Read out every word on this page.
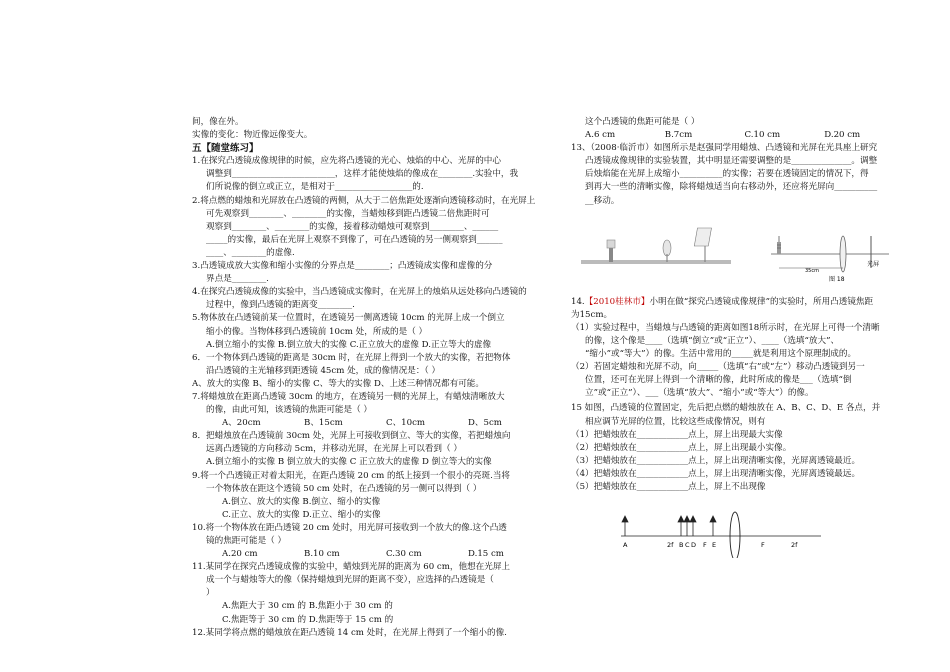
间，像在外。
实像的变化：物近像远像变大。
五【随堂练习】
1.在探究凸透镜成像规律的时候，应先将凸透镜的光心、烛焰的中心、光屏的中心
调整到________________________，这样才能使烛焰的像成在________.实验中，我
们所说像的倒立或正立，是相对于__________________的.
2.将点燃的蜡烛和光屏放在凸透镜的两侧，从大于二倍焦距处逐渐向透镜移动时，在光屏上
可先观察到________、________的实像，当蜡烛移到距凸透镜二倍焦距时可
观察到________、________的实像，接着移动蜡烛可观察到________、______
_____的实像，最后在光屏上观察不到像了，可在凸透镜的另一侧观察到______
____、________的虚像.
3.凸透镜成放大实像和缩小实像的分界点是________；凸透镜成实像和虚像的分
界点是________.
4.在探究凸透镜成像的实验中，当凸透镜成实像时，在光屏上的烛焰从远处移向凸透镜的
过程中，像到凸透镜的距离变________.
5.物体放在凸透镜前某一位置时，在透镜另一侧离透镜 10cm 的光屏上成一个倒立
缩小的像。当物体移到凸透镜前 10cm 处，所成的是（ ）
A.倒立缩小的实像 B.倒立放大的实像 C.正立放大的虚像 D.正立等大的虚像
6．一个物体到凸透镜的距离是 30cm 时，在光屏上得到一个放大的实像，若把物体
沿凸透镜的主光轴移到距透镜 45cm 处，成的像情况是：（ ）
A、放大的实像 B、缩小的实像 C、等大的实像 D、上述三种情况都有可能。
7.将蜡烛放在距离凸透镜 30cm 的地方，在透镜另一侧的光屏上，有蜡烛清晰放大
的像，由此可知，该透镜的焦距可能是（ ）
A、20cm	B、15cm	C、10cm	D、5cm
8．把蜡烛放在凸透镜前 30cm 处，光屏上可接收到倒立、等大的实像，若把蜡烛向
远离凸透镜的方向移动 5cm，并移动光屏，在光屏上可以看到（ ）
A.倒立缩小的实像 B 倒立放大的实像 C 正立放大的虚像 D 倒立等大的实像
9.将一个凸透镜正对着太阳光，在距凸透镜 20 cm 的纸上接到一个很小的亮斑.当将
一个物体放在距这个透镜 50 cm 处时，在凸透镜的另一侧可以得到（ ）
A.倒立、放大的实像 B.倒立、缩小的实像
C.正立、放大的实像 D.正立、缩小的实像
10.将一个物体放在距凸透镜 20 cm 处时，用光屏可接收到一个放大的像.这个凸透
镜的焦距可能是（ ）
A.20 cm	B.10 cm	C.30 cm	D.15 cm
11.某同学在探究凸透镜成像的实验中，蜡烛到光屏的距离为 60 cm，他想在光屏上
成一个与蜡烛等大的像（保持蜡烛到光屏的距离不变），应选择的凸透镜是（
）
A.焦距大于 30 cm 的 B.焦距小于 30 cm 的
C.焦距等于 30 cm 的 D.焦距等于 15 cm 的
12.某同学将点燃的蜡烛放在距凸透镜 14 cm 处时，在光屏上得到了一个缩小的像.
这个凸透镜的焦距可能是（ ）
A.6 cm	B.7cm	C.10 cm	D.20 cm
13、（2008·临沂市）如图所示是赵强同学用蜡烛、凸透镜和光屏在光具座上研究
凸透镜成像规律的实验装置，其中明显还需要调整的是______________。调整
后烛焰能在光屏上成缩小__________的实像；若要在透镜固定的情况下，得
到再大一些的清晰实像，除将蜡烛适当向右移动外，还应将光屏向__________
__移动。
35cm
光屏
图 18
14.【2010桂林市】小明在做“探究凸透镜成像规律”的实验时，所用凸透镜焦距
为15cm。
（1）实验过程中，当蜡烛与凸透镜的距离如图18所示时，在光屏上可得一个清晰
的像，这个像是____（选填“倒立”或“正立”）、____（选填“放大”、
“缩小”或“等大”）的像。生活中常用的_____就是利用这个原理制成的。
（2）若固定蜡烛和光屏不动，向_____（选填“右”或“左”）移动凸透镜到另一
位置，还可在光屏上得到一个清晰的像，此时所成的像是___（选填“倒
立”或“正立”）、___（选填“放大”、“缩小”或“等大”）的像。
15 如图，凸透镜的位置固定，先后把点燃的蜡烛放在 A、B、C、D、E 各点，并
相应调节光屏的位置，比较这些成像情况，则有
（1）把蜡烛放在____________点上，屏上出现最大实像
（2）把蜡烛放在____________点上，屏上出现最小实像。
（3）把蜡烛放在____________点上，屏上出现清晰实像，光屏离透镜最近。
（4）把蜡烛放在____________点上，屏上出现清晰实像，光屏离透镜最远。
（5）把蜡烛放在____________点上，屏上不出现像
A	2f B C D F E	F	2f
